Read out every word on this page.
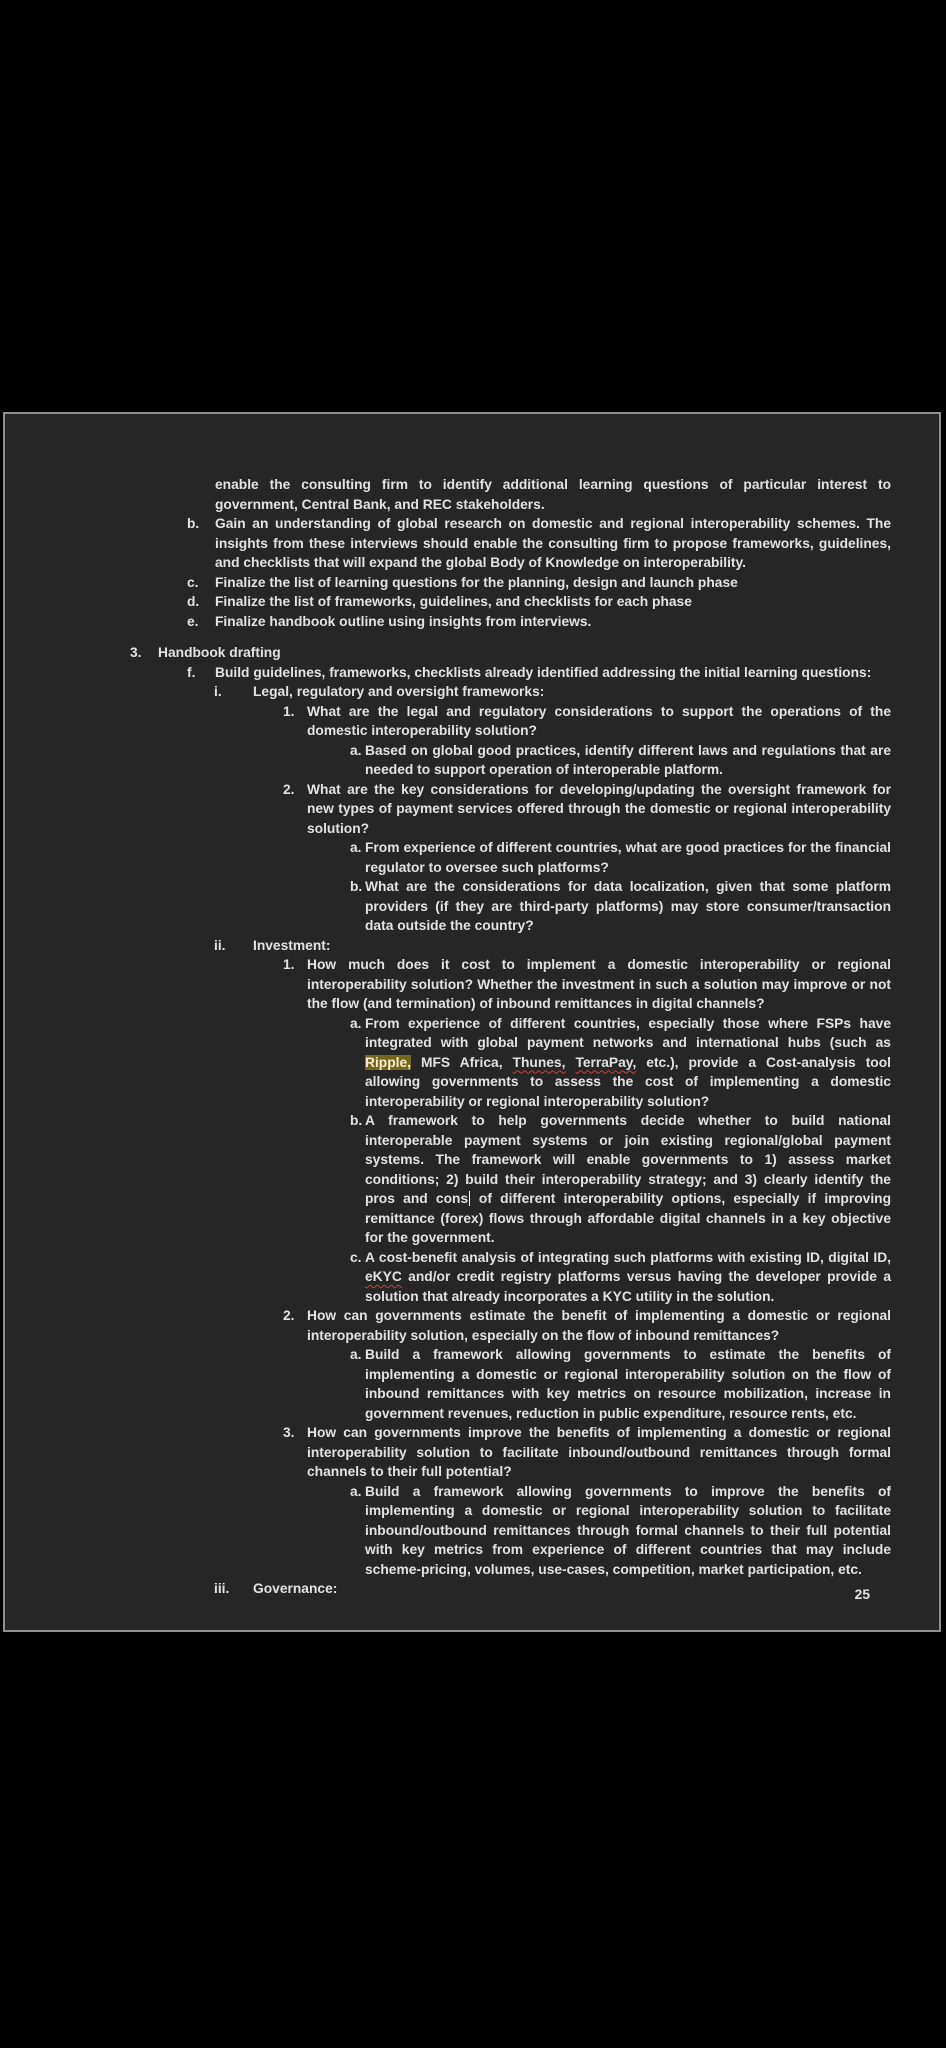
enable the consulting firm to identify additional learning questions of particular interest to government, Central Bank, and REC stakeholders.
b. Gain an understanding of global research on domestic and regional interoperability schemes. The insights from these interviews should enable the consulting firm to propose frameworks, guidelines, and checklists that will expand the global Body of Knowledge on interoperability.
c. Finalize the list of learning questions for the planning, design and launch phase
d. Finalize the list of frameworks, guidelines, and checklists for each phase
e. Finalize handbook outline using insights from interviews.
3. Handbook drafting
f. Build guidelines, frameworks, checklists already identified addressing the initial learning questions:
i. Legal, regulatory and oversight frameworks:
1. What are the legal and regulatory considerations to support the operations of the domestic interoperability solution?
a. Based on global good practices, identify different laws and regulations that are needed to support operation of interoperable platform.
2. What are the key considerations for developing/updating the oversight framework for new types of payment services offered through the domestic or regional interoperability solution?
a. From experience of different countries, what are good practices for the financial regulator to oversee such platforms?
b. What are the considerations for data localization, given that some platform providers (if they are third-party platforms) may store consumer/transaction data outside the country?
ii. Investment:
1. How much does it cost to implement a domestic interoperability or regional interoperability solution? Whether the investment in such a solution may improve or not the flow (and termination) of inbound remittances in digital channels?
a. From experience of different countries, especially those where FSPs have integrated with global payment networks and international hubs (such as Ripple, MFS Africa, Thunes, TerraPay, etc.), provide a Cost-analysis tool allowing governments to assess the cost of implementing a domestic interoperability or regional interoperability solution?
b. A framework to help governments decide whether to build national interoperable payment systems or join existing regional/global payment systems. The framework will enable governments to 1) assess market conditions; 2) build their interoperability strategy; and 3) clearly identify the pros and cons of different interoperability options, especially if improving remittance (forex) flows through affordable digital channels in a key objective for the government.
c. A cost-benefit analysis of integrating such platforms with existing ID, digital ID, eKYC and/or credit registry platforms versus having the developer provide a solution that already incorporates a KYC utility in the solution.
2. How can governments estimate the benefit of implementing a domestic or regional interoperability solution, especially on the flow of inbound remittances?
a. Build a framework allowing governments to estimate the benefits of implementing a domestic or regional interoperability solution on the flow of inbound remittances with key metrics on resource mobilization, increase in government revenues, reduction in public expenditure, resource rents, etc.
3. How can governments improve the benefits of implementing a domestic or regional interoperability solution to facilitate inbound/outbound remittances through formal channels to their full potential?
a. Build a framework allowing governments to improve the benefits of implementing a domestic or regional interoperability solution to facilitate inbound/outbound remittances through formal channels to their full potential with key metrics from experience of different countries that may include scheme-pricing, volumes, use-cases, competition, market participation, etc.
iii. Governance:	25
